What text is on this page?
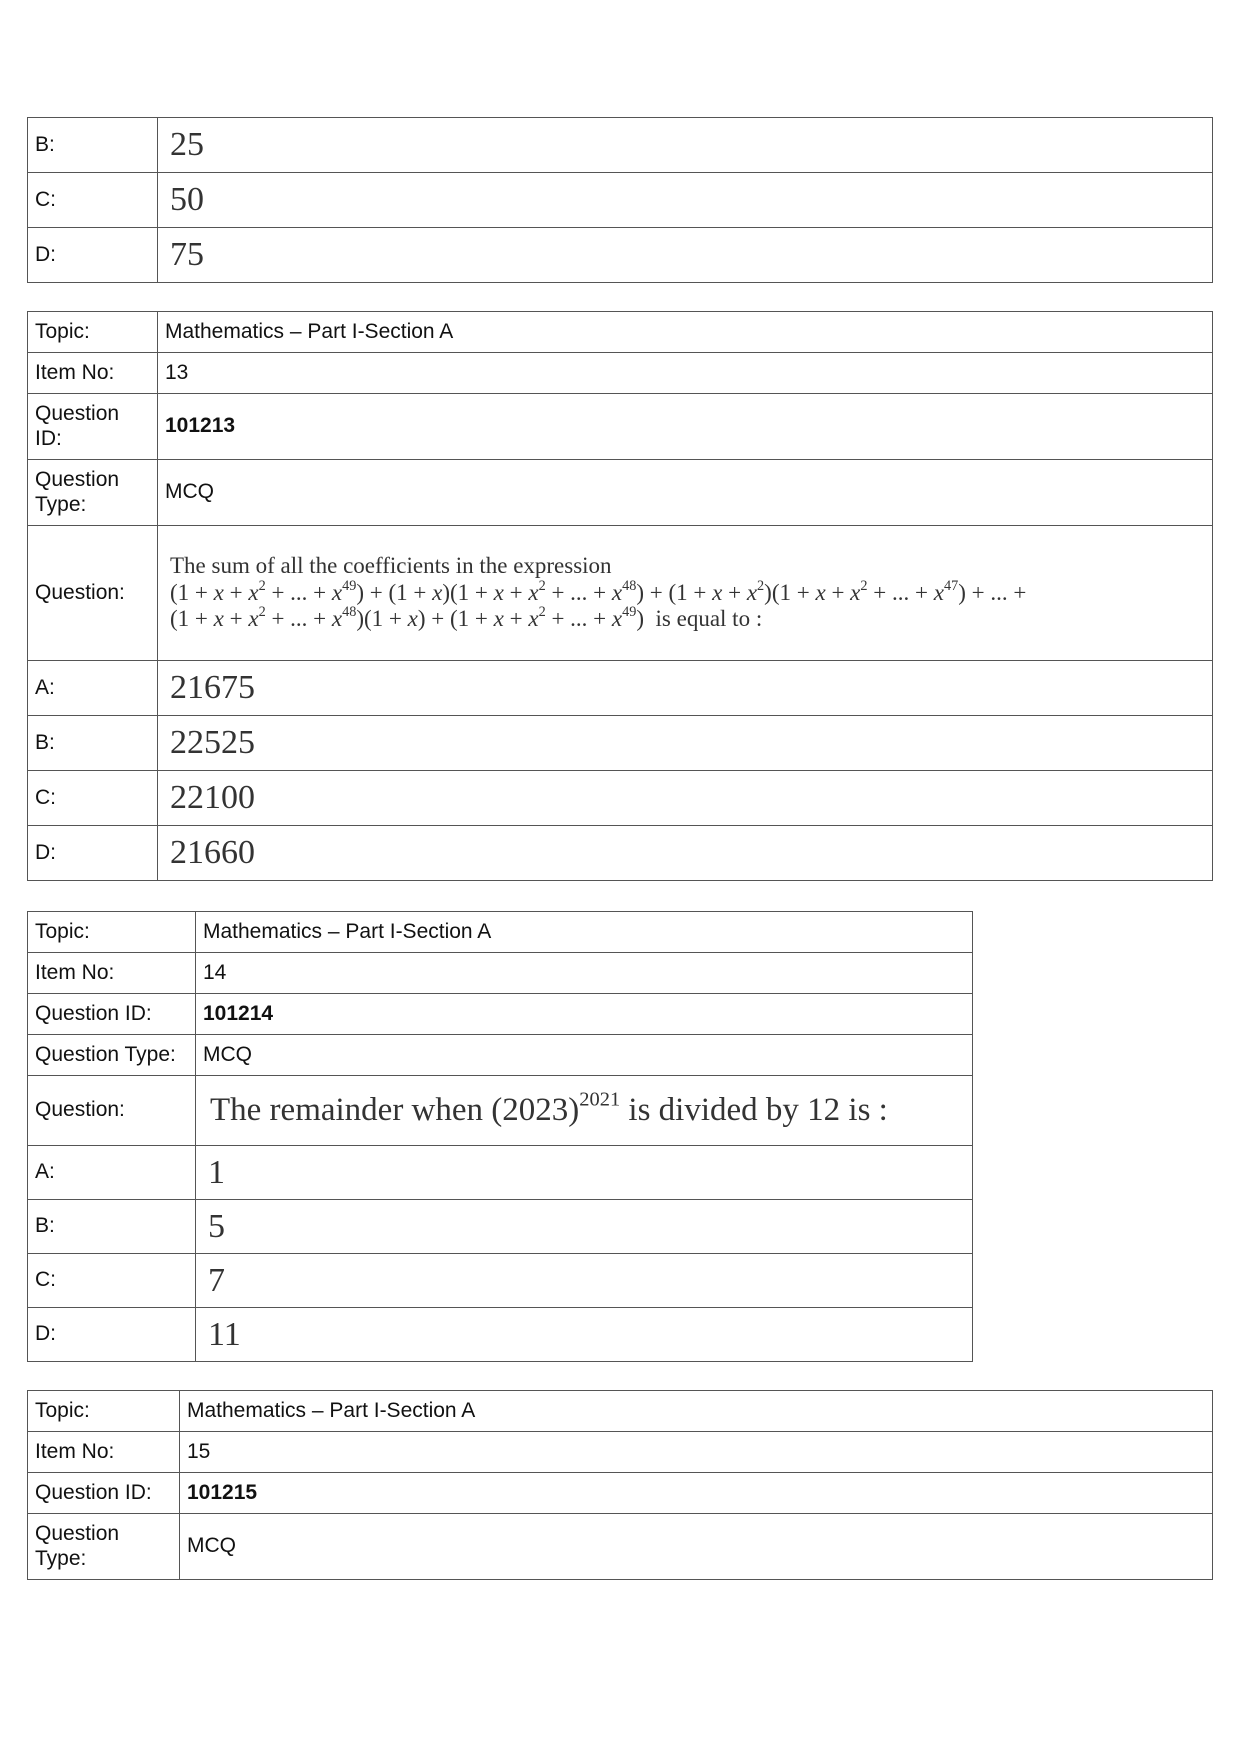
B:	25
C:	50
D:	75
Topic:	Mathematics – Part I-Section A
Item No:	13
Question
ID:	101213
Question
Type:	MCQ
Question:	The sum of all the coefficients in the expression
($1 + x + x^2$ + ... + $x^{49}) + (1 + x)(1 + x + x^2$ + ... + $x^{48}) + (1 + x + x^2)(1 + x + x^2$ + ... + $x^{47}$) + ... +
($1 + x + x^2$ + ... + $x^{48})(1 + x) + (1 + x + x^2$ + ... + $x^{49}$)  is equal to :

A:	21675
B:	22525
C:	22100
D:	21660
Topic:	Mathematics – Part I-Section A
Item No:	14
Question ID:	101214
Question Type:	MCQ
Question:	The remainder when $(2023)^{2021}$ is divided by 12 is :
A:	1
B:	5
C:	7
D:	11
Topic:	Mathematics – Part I-Section A
Item No:	15
Question ID:	101215
Question
Type:	MCQ
